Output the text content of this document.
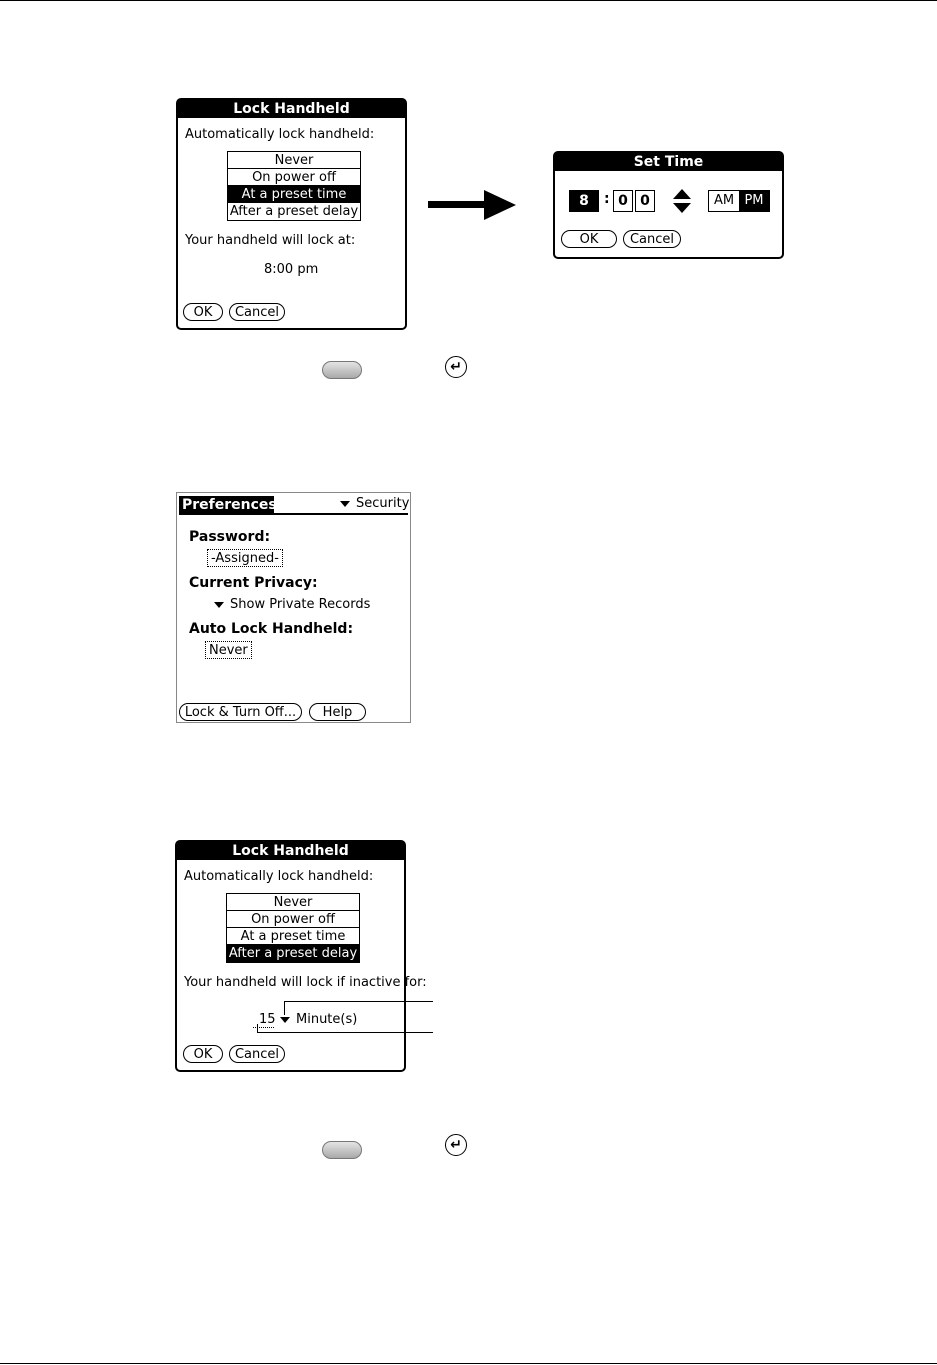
Lock Handheld
Automatically lock handheld:
Never
On power off
At a preset time
After a preset delay
Your handheld will lock at:
8:00 pm
OK	Cancel
Set Time
8	: 0 0	AM PM
OK	Cancel
↵
Preferences	Security
Password:
-Assigned-
Current Privacy:
Show Private Records
Auto Lock Handheld:
Never
Lock & Turn Off...	Help
Lock Handheld
Automatically lock handheld:
Never
On power off
At a preset time
After a preset delay
Your handheld will lock if inactive for:
15	Minute(s)
OK	Cancel
↵
